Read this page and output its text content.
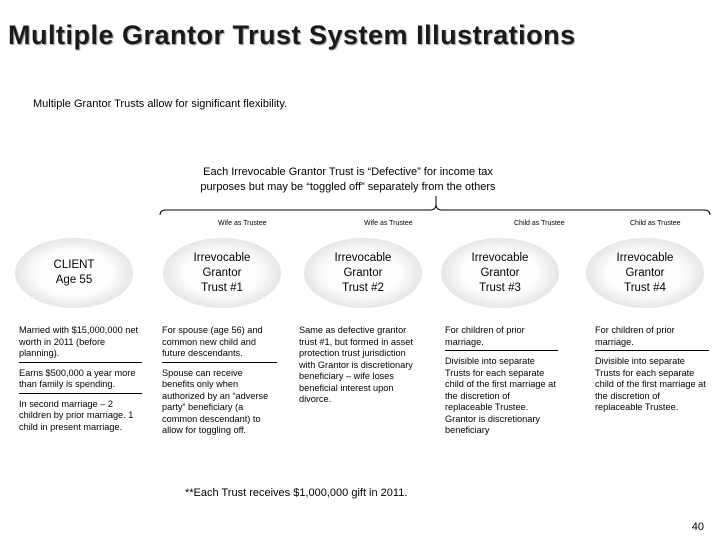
Multiple Grantor Trust System Illustrations
Multiple Grantor Trusts allow for significant flexibility.
Each Irrevocable Grantor Trust is “Defective” for income tax purposes but may be “toggled off” separately from the others
Wife as Trustee	Wife as Trustee	Child as Trustee	Child as Trustee
CLIENT
Age 55
Irrevocable
Grantor
Trust #1
Irrevocable
Grantor
Trust #2
Irrevocable
Grantor
Trust #3
Irrevocable
Grantor
Trust #4

Married with $15,000,000 net worth in 2011 (before planning).

Earns $500,000 a year more than family is spending.

In second marriage – 2 children by prior marriage. 1 child in present marriage.

For spouse (age 56) and common new child and future descendants.

Spouse can receive benefits only when authorized by an “adverse party” beneficiary (a common descendant) to allow for toggling off.

Same as defective grantor trust #1, but formed in asset protection trust jurisdiction with Grantor is discretionary beneficiary – wife loses beneficial interest upon divorce.

For children of prior marriage.

Divisible into separate Trusts for each separate child of the first marriage at the discretion of replaceable Trustee. Grantor is discretionary beneficiary

For children of prior marriage.

Divisible into separate Trusts for each separate child of the first marriage at the discretion of replaceable Trustee.

**Each Trust receives $1,000,000 gift in 2011.
40
